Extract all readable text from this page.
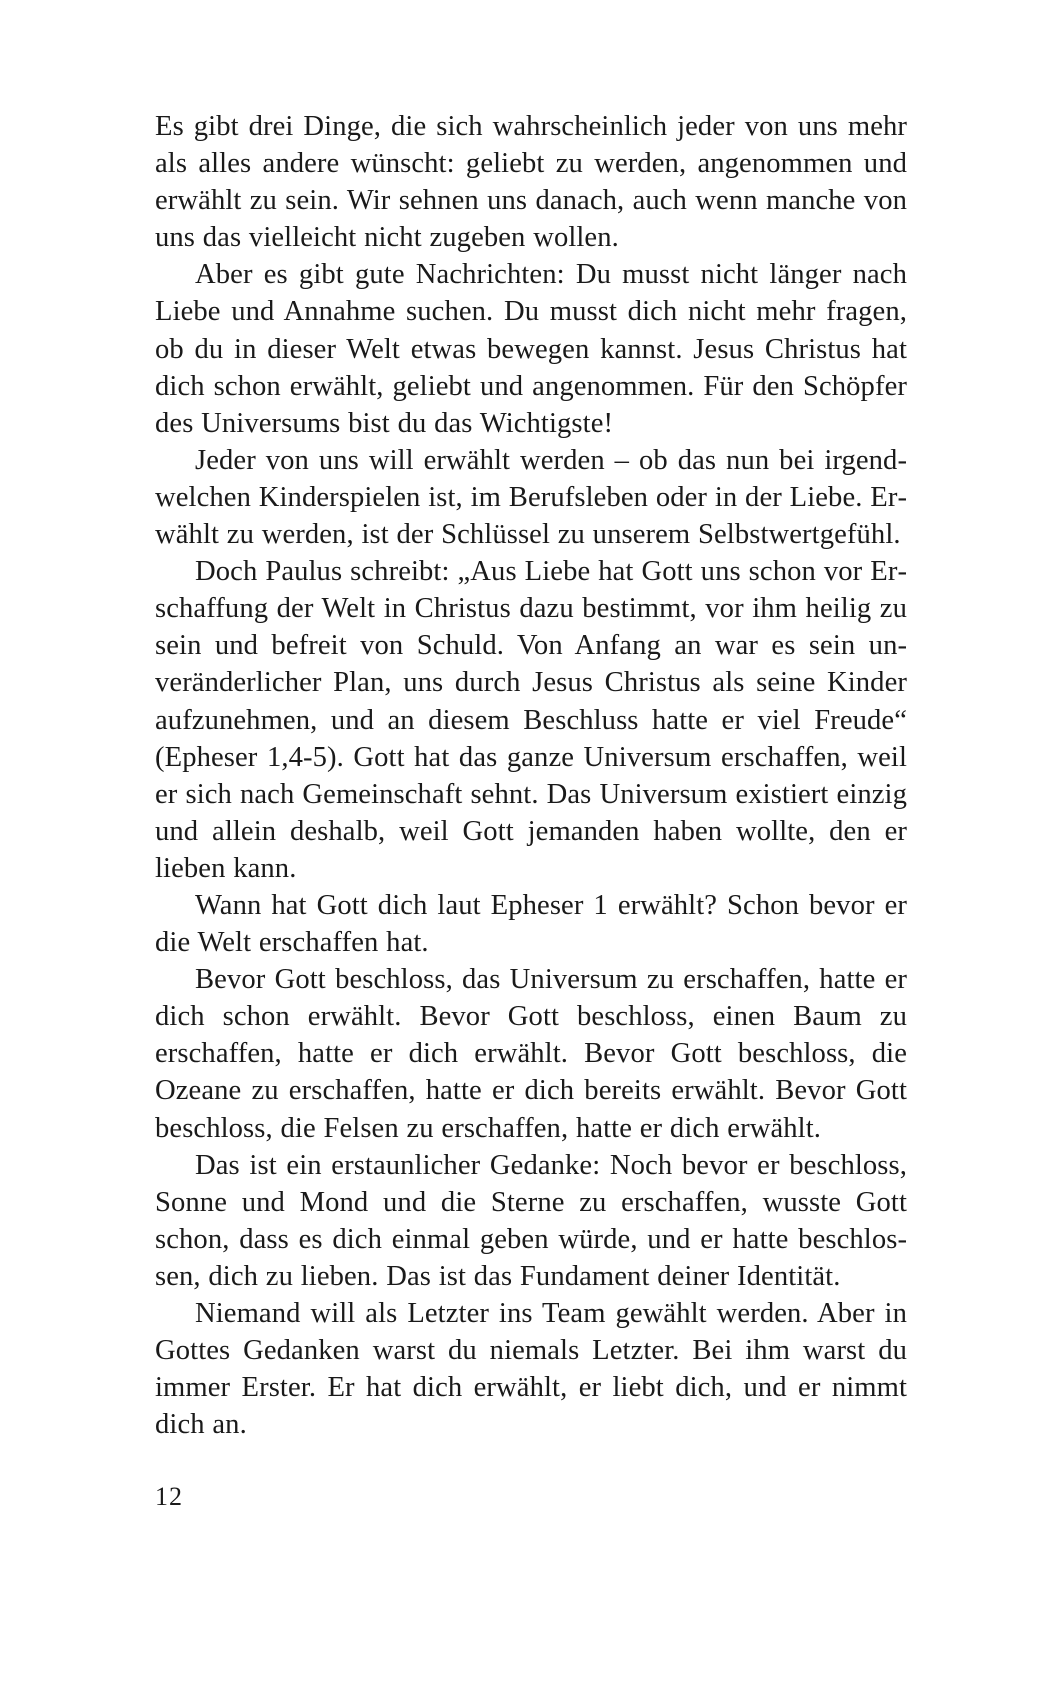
Es gibt drei Dinge, die sich wahrscheinlich jeder von uns mehr als alles andere wünscht: geliebt zu werden, angenommen und erwählt zu sein. Wir sehnen uns danach, auch wenn manche von uns das vielleicht nicht zugeben wollen.

Aber es gibt gute Nachrichten: Du musst nicht länger nach Liebe und Annahme suchen. Du musst dich nicht mehr fragen, ob du in dieser Welt etwas bewegen kannst. Jesus Christus hat dich schon erwählt, geliebt und angenommen. Für den Schöpfer des Universums bist du das Wichtigste!

Jeder von uns will erwählt werden – ob das nun bei irgendwelchen Kinderspielen ist, im Berufsleben oder in der Liebe. Erwählt zu werden, ist der Schlüssel zu unserem Selbstwertgefühl.

Doch Paulus schreibt: „Aus Liebe hat Gott uns schon vor Erschaffung der Welt in Christus dazu bestimmt, vor ihm heilig zu sein und befreit von Schuld. Von Anfang an war es sein unveränderlicher Plan, uns durch Jesus Christus als seine Kinder aufzunehmen, und an diesem Beschluss hatte er viel Freude“ (Epheser 1,4-5). Gott hat das ganze Universum erschaffen, weil er sich nach Gemeinschaft sehnt. Das Universum existiert einzig und allein deshalb, weil Gott jemanden haben wollte, den er lieben kann.

Wann hat Gott dich laut Epheser 1 erwählt? Schon bevor er die Welt erschaffen hat.

Bevor Gott beschloss, das Universum zu erschaffen, hatte er dich schon erwählt. Bevor Gott beschloss, einen Baum zu erschaffen, hatte er dich erwählt. Bevor Gott beschloss, die Ozeane zu erschaffen, hatte er dich bereits erwählt. Bevor Gott beschloss, die Felsen zu erschaffen, hatte er dich erwählt.

Das ist ein erstaunlicher Gedanke: Noch bevor er beschloss, Sonne und Mond und die Sterne zu erschaffen, wusste Gott schon, dass es dich einmal geben würde, und er hatte beschlossen, dich zu lieben. Das ist das Fundament deiner Identität.

Niemand will als Letzter ins Team gewählt werden. Aber in Gottes Gedanken warst du niemals Letzter. Bei ihm warst du immer Erster. Er hat dich erwählt, er liebt dich, und er nimmt dich an.

12
